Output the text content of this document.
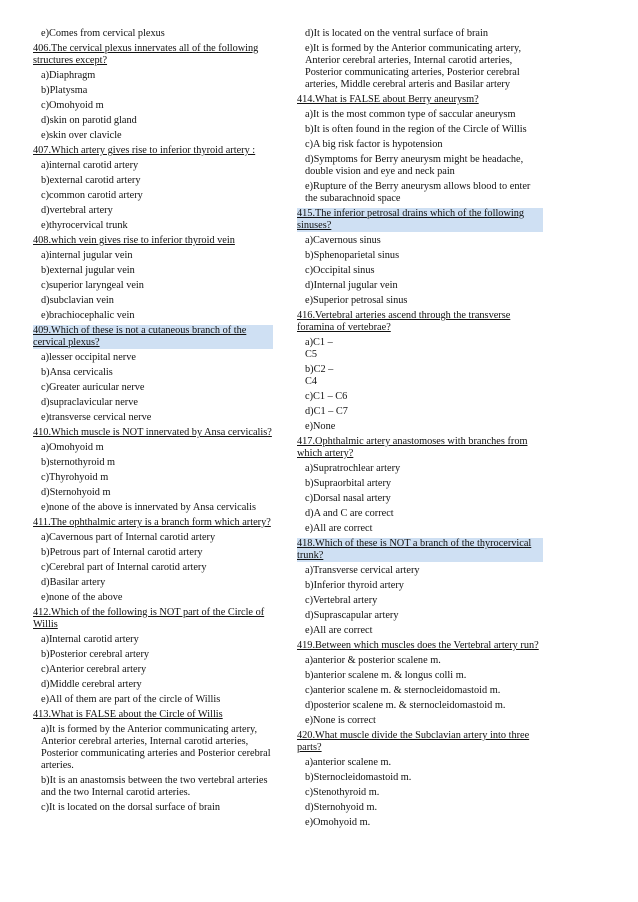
e)Comes from cervical plexus

406.The cervical plexus innervates all of the following structures except?

a)Diaphragm

b)Platysma

c)Omohyoid m

d)skin on parotid gland

e)skin over clavicle

407.Which artery gives rise to inferior thyroid artery :

a)internal carotid artery

b)external carotid artery

c)common carotid artery

d)vertebral artery

e)thyrocervical trunk

408.which vein gives rise to inferior thyroid vein

a)internal jugular vein

b)external jugular vein

c)superior laryngeal vein

d)subclavian vein

e)brachiocephalic vein

409.Which of these is not a cutaneous branch of the cervical plexus?

a)lesser occipital nerve

b)Ansa cervicalis

c)Greater auricular nerve

d)supraclavicular nerve

e)transverse cervical nerve

410.Which muscle is NOT innervated by Ansa cervicalis?

a)Omohyoid m

b)sternothyroid m

c)Thyrohyoid m

d)Sternohyoid m

e)none of the above is innervated by Ansa cervicalis

411.The ophthalmic artery is a branch form which artery?

a)Cavernous part of Internal carotid artery

b)Petrous part of Internal carotid artery

c)Cerebral part of Internal carotid artery

d)Basilar artery

e)none of the above

412.Which of the following is NOT part of the Circle of Willis

a)Internal carotid artery

b)Posterior cerebral artery

c)Anterior cerebral artery

d)Middle cerebral artery

e)All of them are part of the circle of Willis

413.What is FALSE about the Circle of Willis

a)It is formed by the Anterior communicating artery, Anterior cerebral arteries, Internal carotid arteries, Posterior communicating arteries and Posterior cerebral arteries.

b)It is an anastomsis between the two vertebral arteries and the two Internal carotid arteries.

c)It is located on the dorsal surface of brain

d)It is located on the ventral surface of brain

e)It is formed by the Anterior communicating artery, Anterior cerebral arteries, Internal carotid arteries, Posterior communicating arteries, Posterior cerebral arteries, Middle cerebral arteris and Basilar artery

414.What is FALSE about Berry aneurysm?

a)It is the most common type of saccular aneurysm

b)It is often found in the region of the Circle of Willis

c)A big risk factor is hypotension

d)Symptoms for Berry aneurysm might be headache, double vision and eye and neck pain

e)Rupture of the Berry aneurysm allows blood to enter the subarachnoid space

415.The inferior petrosal drains which of the following sinuses?

a)Cavernous sinus

b)Sphenoparietal sinus

c)Occipital sinus

d)Internal jugular vein

e)Superior petrosal sinus

416.Vertebral arteries ascend through the transverse foramina of vertebrae?

a)C1 –
C5

b)C2 –
C4

c)C1 – C6

d)C1 – C7

e)None

417.Ophthalmic artery anastomoses with branches from which artery?

a)Supratrochlear artery

b)Supraorbital artery

c)Dorsal nasal artery

d)A and C are correct

e)All are correct

418.Which of these is NOT a branch of the thyrocervical trunk?

a)Transverse cervical artery

b)Inferior thyroid artery

c)Vertebral artery

d)Suprascapular artery

e)All are correct

419.Between which muscles does the Vertebral artery run?

a)anterior & posterior scalene m.

b)anterior scalene m. & longus colli m.

c)anterior scalene m. & sternocleidomastoid m.

d)posterior scalene m. & sternocleidomastoid m.

e)None is correct

420.What muscle divide the Subclavian artery into three parts?

a)anterior scalene m.

b)Sternocleidomastoid m.

c)Stenothyroid m.

d)Sternohyoid m.

e)Omohyoid m.
